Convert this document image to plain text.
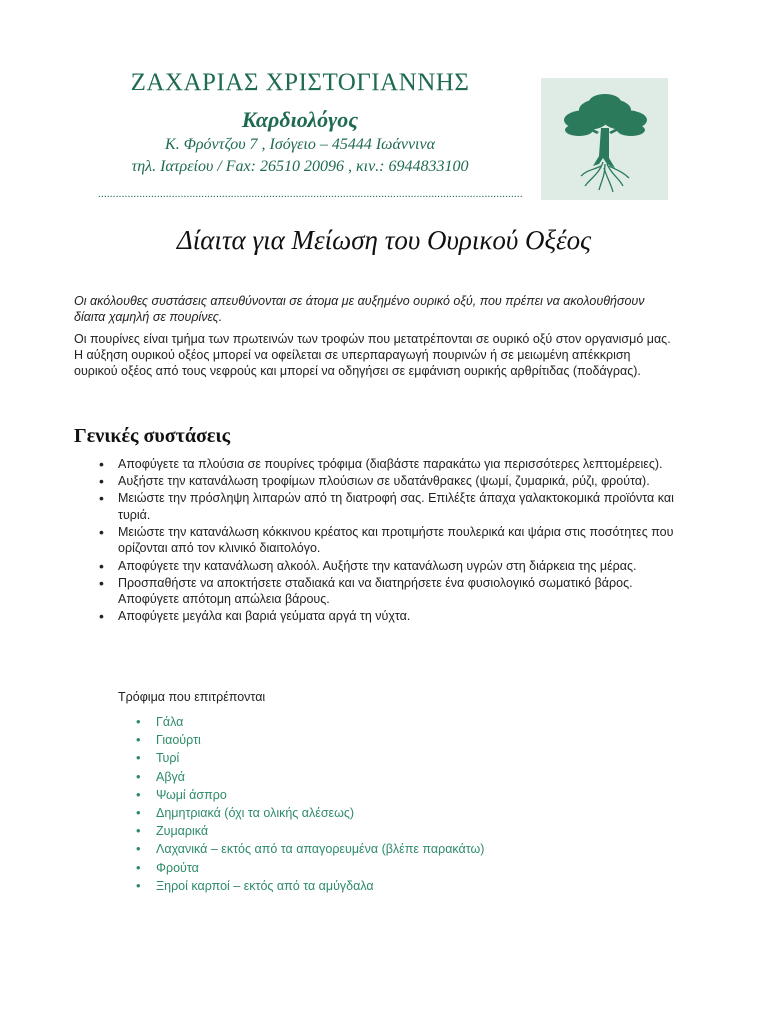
ΖΑΧΑΡΙΑΣ ΧΡΙΣΤΟΓΙΑΝΝΗΣ
Καρδιολόγος
Κ. Φρόντζου 7 , Ισόγειο – 45444 Ιωάννινα
τηλ. Ιατρείου / Fax: 26510 20096 , κιν.: 6944833100
................................................................................................................................................
Δίαιτα για Μείωση του Ουρικού Οξέος

Οι ακόλουθες συστάσεις απευθύνονται σε άτομα με αυξημένο ουρικό οξύ, που πρέπει να ακολουθήσουν δίαιτα χαμηλή σε πουρίνες.

Οι πουρίνες είναι τμήμα των πρωτεινών των τροφών που μετατρέπονται σε ουρικό οξύ στον οργανισμό μας. Η αύξηση ουρικού οξέος μπορεί να οφείλεται σε υπερπαραγωγή πουρινών ή σε μειωμένη απέκκριση ουρικού οξέος από τους νεφρούς και μπορεί να οδηγήσει σε εμφάνιση ουρικής αρθρίτιδας (ποδάγρας).

Γενικές συστάσεις
• Αποφύγετε τα πλούσια σε πουρίνες τρόφιμα (διαβάστε παρακάτω για περισσότερες λεπτομέρειες).
• Αυξήστε την κατανάλωση τροφίμων πλούσιων σε υδατάνθρακες (ψωμί, ζυμαρικά, ρύζι, φρούτα).
• Μειώστε την πρόσληψη λιπαρών από τη διατροφή σας. Επιλέξτε άπαχα γαλακτοκομικά προϊόντα και τυριά.
• Μειώστε την κατανάλωση κόκκινου κρέατος και προτιμήστε πουλερικά και ψάρια στις ποσότητες που ορίζονται από τον κλινικό διαιτολόγο.
• Αποφύγετε την κατανάλωση αλκοόλ. Αυξήστε την κατανάλωση υγρών στη διάρκεια της μέρας.
• Προσπαθήστε να αποκτήσετε σταδιακά και να διατηρήσετε ένα φυσιολογικό σωματικό βάρος. Αποφύγετε απότομη απώλεια βάρους.
• Αποφύγετε μεγάλα και βαριά γεύματα αργά τη νύχτα.

Τρόφιμα που επιτρέπονται

• Γάλα
• Γιαούρτι
• Τυρί
• Αβγά
• Ψωμί άσπρο
• Δημητριακά (όχι τα ολικής αλέσεως)
• Ζυμαρικά
• Λαχανικά – εκτός από τα απαγορευμένα (βλέπε παρακάτω)
• Φρούτα
• Ξηροί καρποί – εκτός από τα αμύγδαλα
